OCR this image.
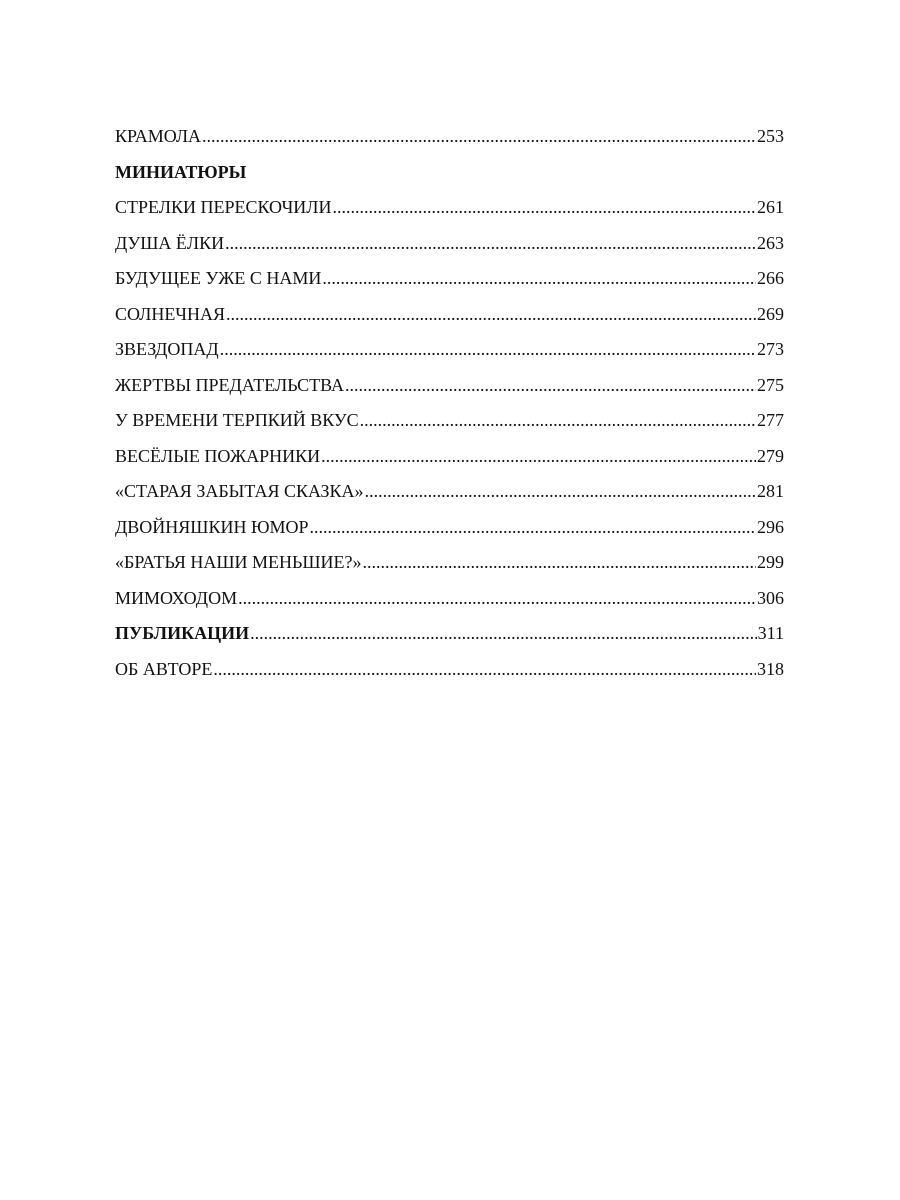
КРАМОЛА .....	253
МИНИАТЮРЫ
СТРЕЛКИ ПЕРЕСКОЧИЛИ .....	261
ДУША ЁЛКИ .....	263
БУДУЩЕЕ УЖЕ С НАМИ .....	266
СОЛНЕЧНАЯ .....	269
ЗВЕЗДОПАД .....	273
ЖЕРТВЫ ПРЕДАТЕЛЬСТВА .....	275
У ВРЕМЕНИ ТЕРПКИЙ ВКУС .....	277
ВЕСЁЛЫЕ ПОЖАРНИКИ .....	279
«СТАРАЯ ЗАБЫТАЯ СКАЗКА» .....	281
ДВОЙНЯШКИН ЮМОР .....	296
«БРАТЬЯ НАШИ МЕНЬШИЕ?» .....	299
МИМОХОДОМ .....	306
ПУБЛИКАЦИИ .....	311
ОБ АВТОРЕ .....	318
